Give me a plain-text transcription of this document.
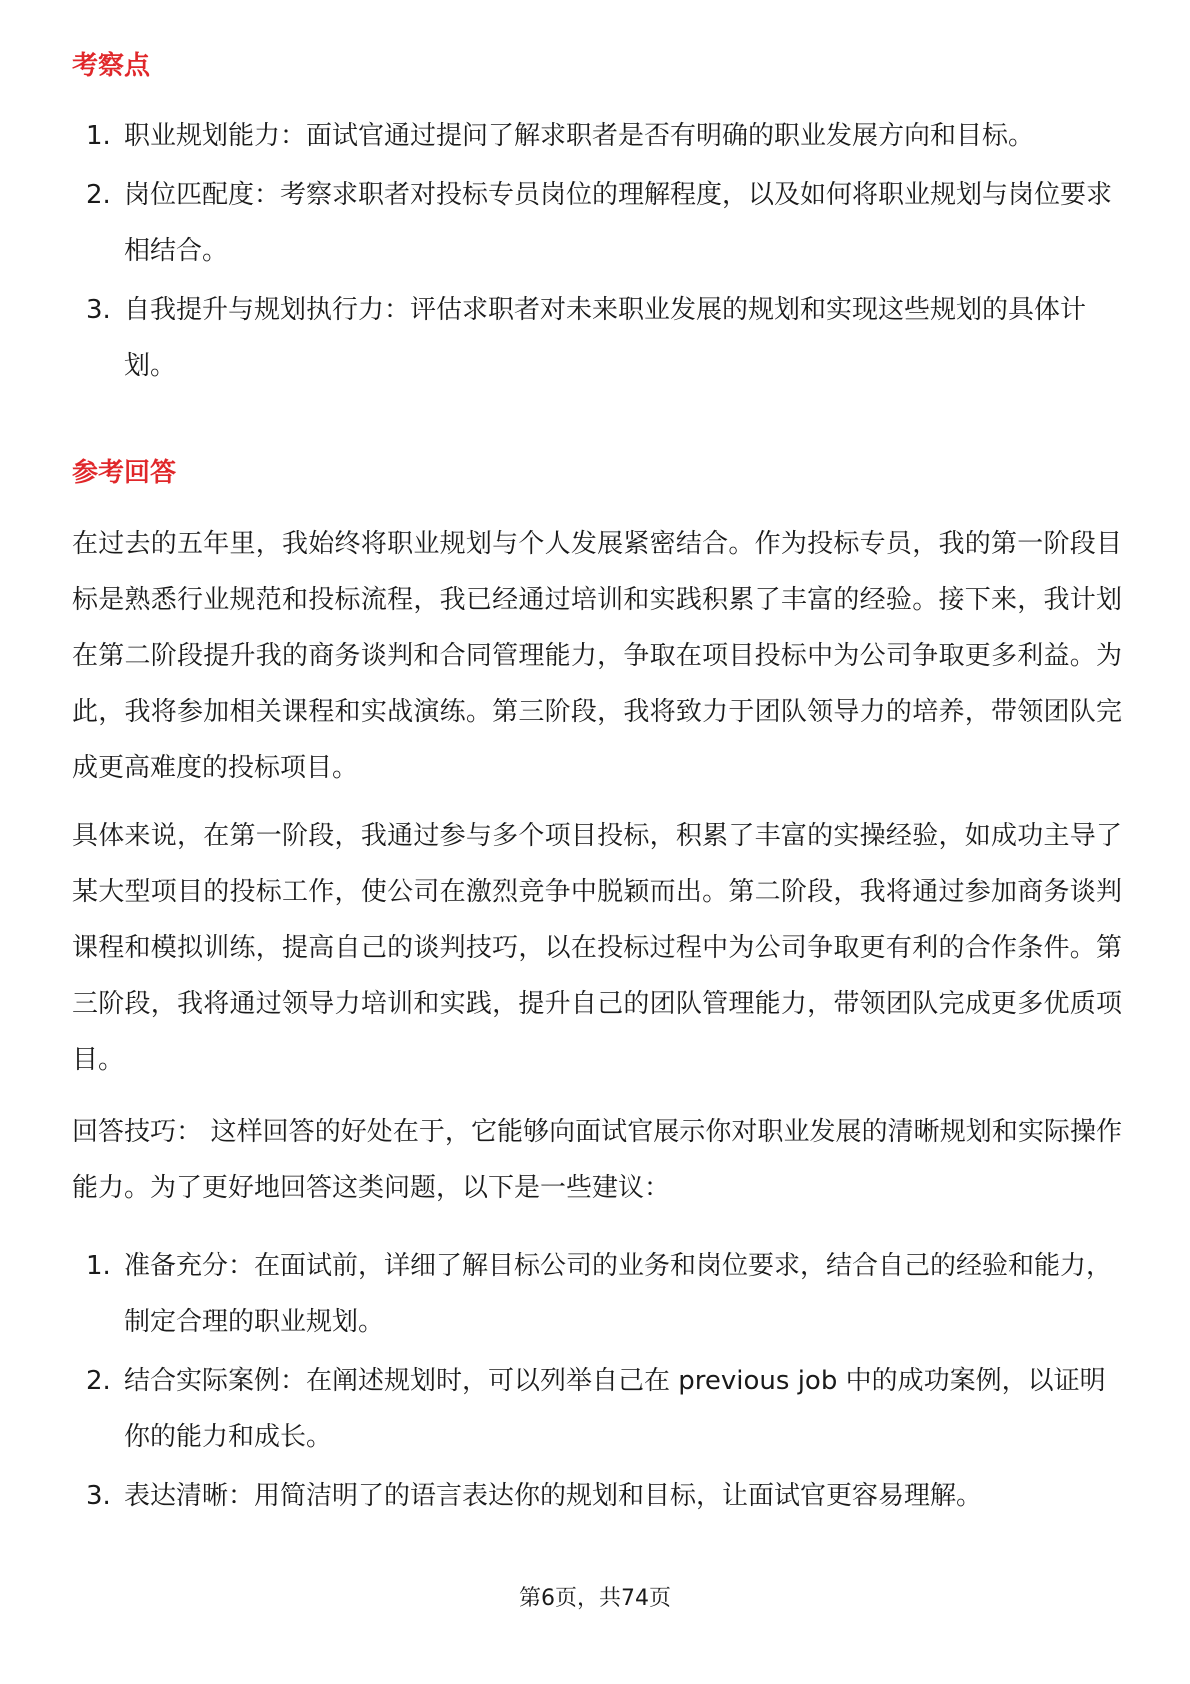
考察点
1. 职业规划能力：面试官通过提问了解求职者是否有明确的职业发展方向和目标。
2. 岗位匹配度：考察求职者对投标专员岗位的理解程度，以及如何将职业规划与岗位要求相结合。
3. 自我提升与规划执行力：评估求职者对未来职业发展的规划和实现这些规划的具体计划。
参考回答

在过去的五年里，我始终将职业规划与个人发展紧密结合。作为投标专员，我的第一阶段目标是熟悉行业规范和投标流程，我已经通过培训和实践积累了丰富的经验。接下来，我计划在第二阶段提升我的商务谈判和合同管理能力，争取在项目投标中为公司争取更多利益。为此，我将参加相关课程和实战演练。第三阶段，我将致力于团队领导力的培养，带领团队完成更高难度的投标项目。

具体来说，在第一阶段，我通过参与多个项目投标，积累了丰富的实操经验，如成功主导了某大型项目的投标工作，使公司在激烈竞争中脱颖而出。第二阶段，我将通过参加商务谈判课程和模拟训练，提高自己的谈判技巧，以在投标过程中为公司争取更有利的合作条件。第三阶段，我将通过领导力培训和实践，提升自己的团队管理能力，带领团队完成更多优质项目。

回答技巧： 这样回答的好处在于，它能够向面试官展示你对职业发展的清晰规划和实际操作能力。为了更好地回答这类问题，以下是一些建议：

1. 准备充分：在面试前，详细了解目标公司的业务和岗位要求，结合自己的经验和能力，制定合理的职业规划。
2. 结合实际案例：在阐述规划时，可以列举自己在 previous job 中的成功案例，以证明你的能力和成长。
3. 表达清晰：用简洁明了的语言表达你的规划和目标，让面试官更容易理解。
第6页，共74页
